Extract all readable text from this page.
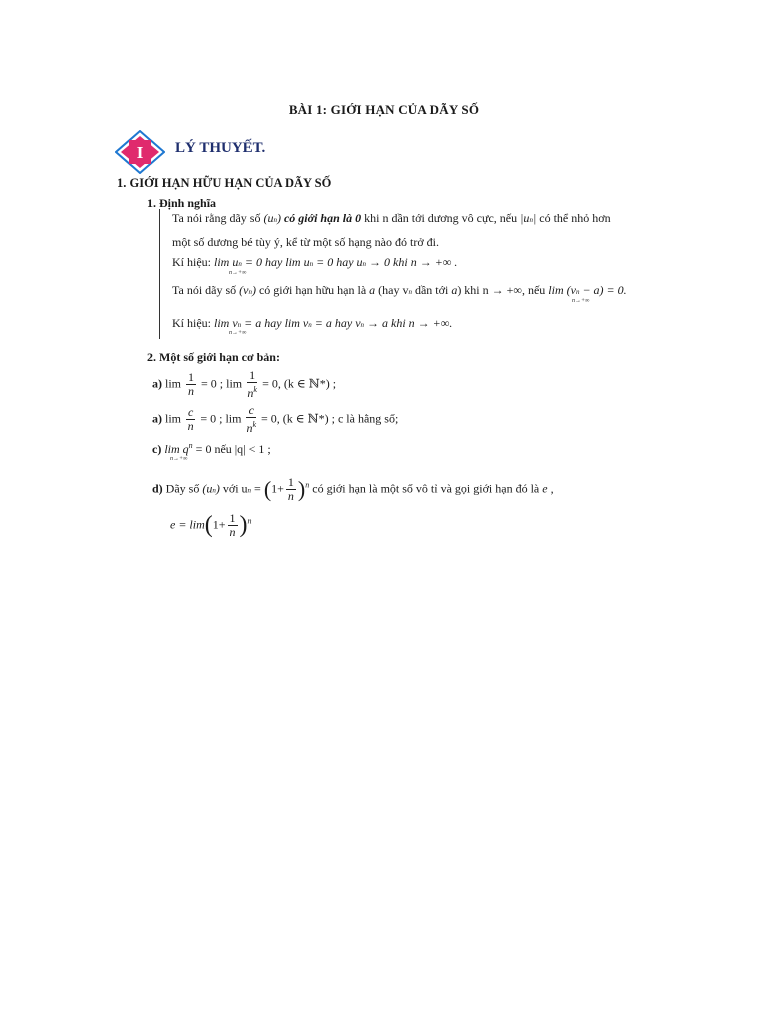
BÀI 1: GIỚI HẠN CỦA DÃY SỐ
I LÝ THUYẾT.
1. GIỚI HẠN HỮU HẠN CỦA DÃY SỐ
1. Định nghĩa
Ta nói rằng dãy số (un) có giới hạn là 0 khi n dần tới dương vô cực, nếu |un| có thể nhỏ hơn
một số dương bé tùy ý, kể từ một số hạng nào đó trở đi.
Kí hiệu: lim un = 0 hay lim un = 0 hay un → 0 khi n → +∞ .
n→+∞
Ta nói dãy số (vn) có giới hạn hữu hạn là a (hay vn dần tới a) khi n → +∞, nếu lim (vn − a) = 0.
n→+∞
Kí hiệu: lim vn = a hay lim vn = a hay vn → a khi n → +∞.
n→+∞
2. Một số giới hạn cơ bản:
a) $\lim \frac{1}{n} = 0$ ; $\lim \frac{1}{n^k} = 0$, (k ∈ ℕ*) ;
a) $\lim \frac{c}{n} = 0$ ; $\lim \frac{c}{n^k} = 0$, (k ∈ ℕ*) ; c là hằng số;
c) $\lim q^n = 0$ nếu |q| < 1 ;
n→+∞
d) Dãy số (un) với un = $(1+ \frac{1}{n} )^n$ có giới hạn là một số vô tỉ và gọi giới hạn đó là e ,
$e = \lim(1+ \frac{1}{n} )^n$
